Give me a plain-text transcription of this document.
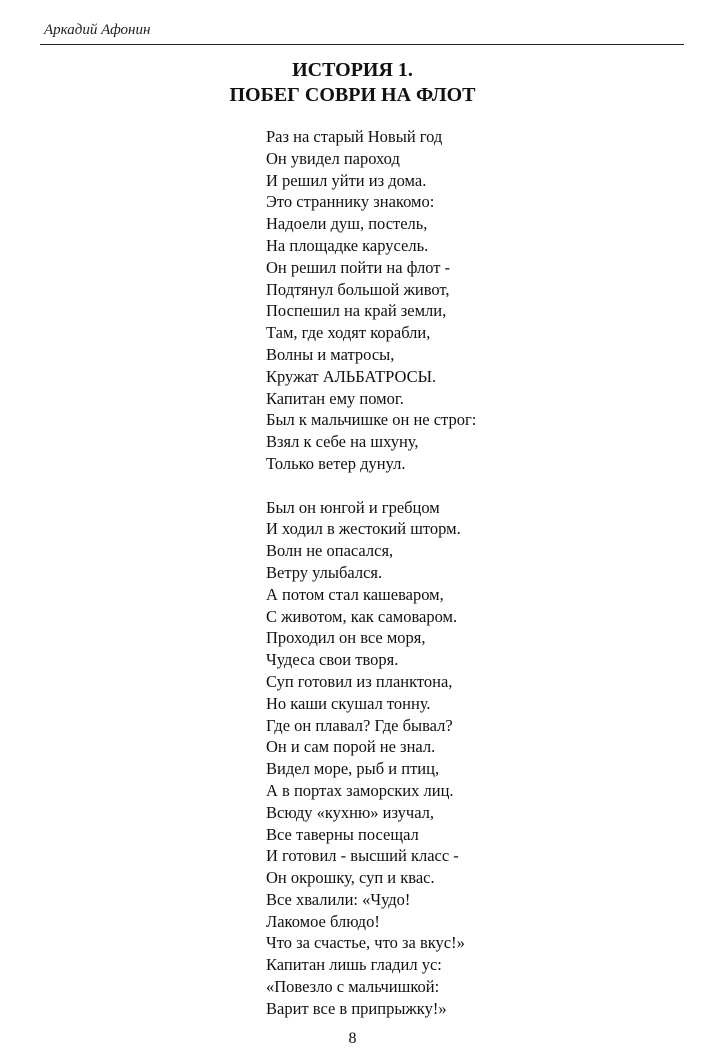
Аркадий Афонин
ИСТОРИЯ 1.
ПОБЕГ СОВРИ НА ФЛОТ
Раз на старый Новый год
Он увидел пароход
И решил уйти из дома.
Это страннику знакомо:
Надоели душ, постель,
На площадке карусель.
Он решил пойти на флот -
Подтянул большой живот,
Поспешил на край земли,
Там, где ходят корабли,
Волны и матросы,
Кружат АЛЬБАТРОСЫ.
Капитан ему помог.
Был к мальчишке он не строг:
Взял к себе на шхуну,
Только ветер дунул.
Был он юнгой и гребцом
И ходил в жестокий шторм.
Волн не опасался,
Ветру улыбался.
А потом стал кашеваром,
С животом, как самоваром.
Проходил он все моря,
Чудеса свои творя.
Суп готовил из планктона,
Но каши скушал тонну.
Где он плавал? Где бывал?
Он и сам порой не знал.
Видел море, рыб и птиц,
А в портах заморских лиц.
Всюду «кухню» изучал,
Все таверны посещал
И готовил - высший класс -
Он окрошку, суп и квас.
Все хвалили: «Чудо!
Лакомое блюдо!
Что за счастье, что за вкус!»
Капитан лишь гладил ус:
«Повезло с мальчишкой:
Варит все в припрыжку!»
8
